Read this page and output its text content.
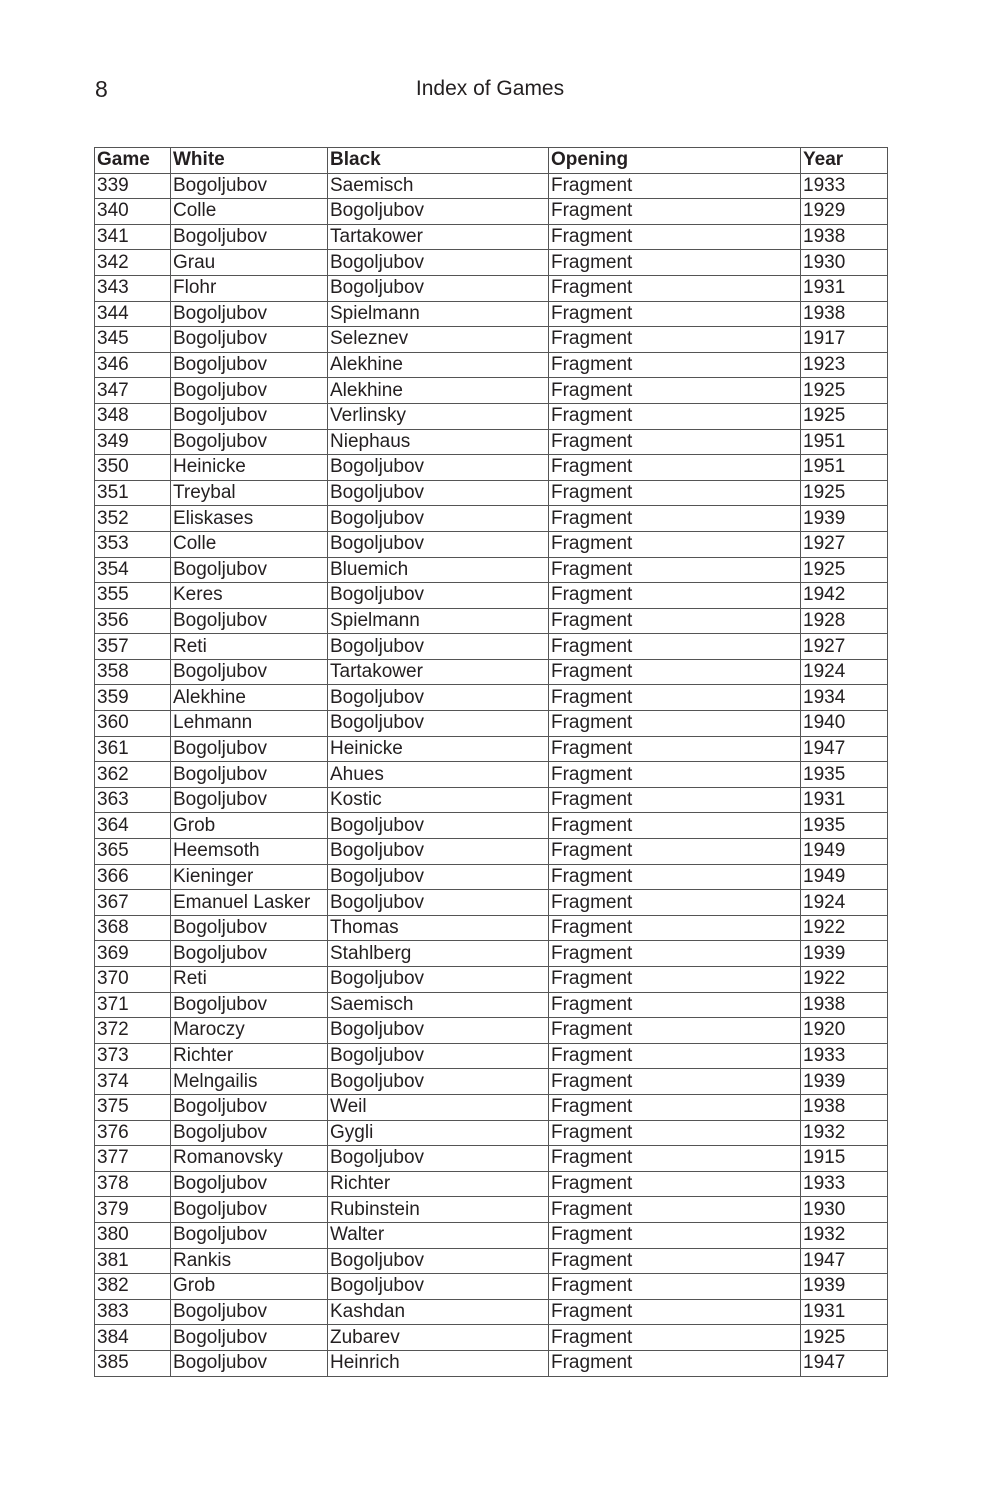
8	Index of Games
Game	White	Black	Opening	Year
339	Bogoljubov	Saemisch	Fragment	1933
340	Colle	Bogoljubov	Fragment	1929
341	Bogoljubov	Tartakower	Fragment	1938
342	Grau	Bogoljubov	Fragment	1930
343	Flohr	Bogoljubov	Fragment	1931
344	Bogoljubov	Spielmann	Fragment	1938
345	Bogoljubov	Seleznev	Fragment	1917
346	Bogoljubov	Alekhine	Fragment	1923
347	Bogoljubov	Alekhine	Fragment	1925
348	Bogoljubov	Verlinsky	Fragment	1925
349	Bogoljubov	Niephaus	Fragment	1951
350	Heinicke	Bogoljubov	Fragment	1951
351	Treybal	Bogoljubov	Fragment	1925
352	Eliskases	Bogoljubov	Fragment	1939
353	Colle	Bogoljubov	Fragment	1927
354	Bogoljubov	Bluemich	Fragment	1925
355	Keres	Bogoljubov	Fragment	1942
356	Bogoljubov	Spielmann	Fragment	1928
357	Reti	Bogoljubov	Fragment	1927
358	Bogoljubov	Tartakower	Fragment	1924
359	Alekhine	Bogoljubov	Fragment	1934
360	Lehmann	Bogoljubov	Fragment	1940
361	Bogoljubov	Heinicke	Fragment	1947
362	Bogoljubov	Ahues	Fragment	1935
363	Bogoljubov	Kostic	Fragment	1931
364	Grob	Bogoljubov	Fragment	1935
365	Heemsoth	Bogoljubov	Fragment	1949
366	Kieninger	Bogoljubov	Fragment	1949
367	Emanuel Lasker	Bogoljubov	Fragment	1924
368	Bogoljubov	Thomas	Fragment	1922
369	Bogoljubov	Stahlberg	Fragment	1939
370	Reti	Bogoljubov	Fragment	1922
371	Bogoljubov	Saemisch	Fragment	1938
372	Maroczy	Bogoljubov	Fragment	1920
373	Richter	Bogoljubov	Fragment	1933
374	Melngailis	Bogoljubov	Fragment	1939
375	Bogoljubov	Weil	Fragment	1938
376	Bogoljubov	Gygli	Fragment	1932
377	Romanovsky	Bogoljubov	Fragment	1915
378	Bogoljubov	Richter	Fragment	1933
379	Bogoljubov	Rubinstein	Fragment	1930
380	Bogoljubov	Walter	Fragment	1932
381	Rankis	Bogoljubov	Fragment	1947
382	Grob	Bogoljubov	Fragment	1939
383	Bogoljubov	Kashdan	Fragment	1931
384	Bogoljubov	Zubarev	Fragment	1925
385	Bogoljubov	Heinrich	Fragment	1947
